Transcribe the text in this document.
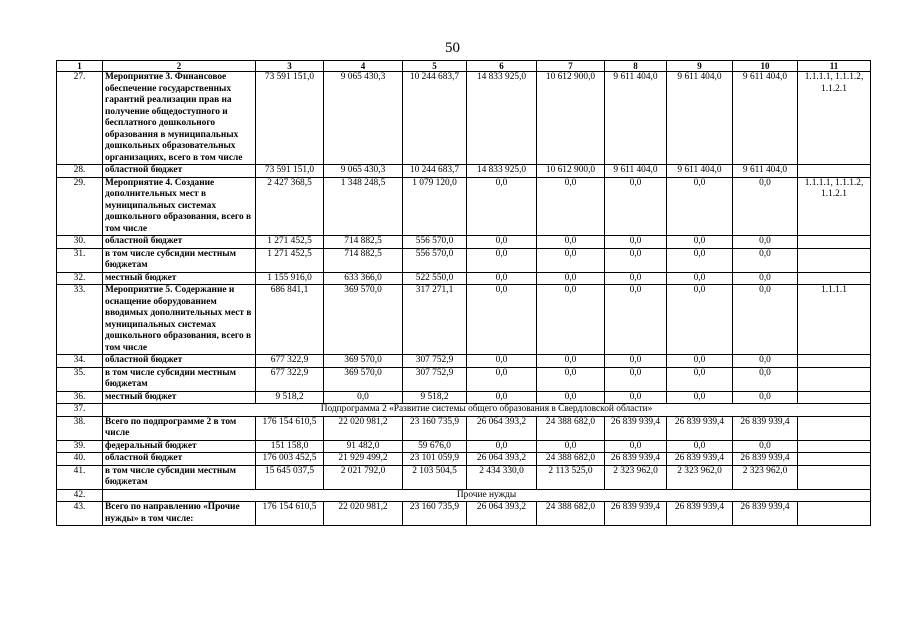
50
1	2	3	4	5	6	7	8	9	10	11
27.	Мероприятие 3. Финансовое обеспечение государственных гарантий реализации прав на получение общедоступного и бесплатного дошкольного образования в муниципальных дошкольных образовательных организациях, всего в том числе	73 591 151,0	9 065 430,3	10 244 683,7	14 833 925,0	10 612 900,0	9 611 404,0	9 611 404,0	9 611 404,0	1.1.1.1, 1.1.1.2, 1.1.2.1
28.	областной бюджет	73 591 151,0	9 065 430,3	10 244 683,7	14 833 925,0	10 612 900,0	9 611 404,0	9 611 404,0	9 611 404,0	
29.	Мероприятие 4. Создание дополнительных мест в муниципальных системах дошкольного образования, всего в том числе	2 427 368,5	1 348 248,5	1 079 120,0	0,0	0,0	0,0	0,0	0,0	1.1.1.1, 1.1.1.2, 1.1.2.1
30.	областной бюджет	1 271 452,5	714 882,5	556 570,0	0,0	0,0	0,0	0,0	0,0	
31.	в том числе субсидии местным бюджетам	1 271 452,5	714 882,5	556 570,0	0,0	0,0	0,0	0,0	0,0	
32.	местный бюджет	1 155 916,0	633 366,0	522 550,0	0,0	0,0	0,0	0,0	0,0	
33.	Мероприятие 5. Содержание и оснащение оборудованием вводимых дополнительных мест в муниципальных системах дошкольного образования, всего в том числе	686 841,1	369 570,0	317 271,1	0,0	0,0	0,0	0,0	0,0	1.1.1.1
34.	областной бюджет	677 322,9	369 570,0	307 752,9	0,0	0,0	0,0	0,0	0,0	
35.	в том числе субсидии местным бюджетам	677 322,9	369 570,0	307 752,9	0,0	0,0	0,0	0,0	0,0	
36.	местный бюджет	9 518,2	0,0	9 518,2	0,0	0,0	0,0	0,0	0,0	
37.	Подпрограмма 2 «Развитие системы общего образования в Свердловской области»									
38.	Всего по подпрограмме 2 в том числе	176 154 610,5	22 020 981,2	23 160 735,9	26 064 393,2	24 388 682,0	26 839 939,4	26 839 939,4	26 839 939,4	
39.	федеральный бюджет	151 158,0	91 482,0	59 676,0	0,0	0,0	0,0	0,0	0,0	
40.	областной бюджет	176 003 452,5	21 929 499,2	23 101 059,9	26 064 393,2	24 388 682,0	26 839 939,4	26 839 939,4	26 839 939,4	
41.	в том числе субсидии местным бюджетам	15 645 037,5	2 021 792,0	2 103 504,5	2 434 330,0	2 113 525,0	2 323 962,0	2 323 962,0	2 323 962,0	
42.	Прочие нужды									
43.	Всего по направлению «Прочие нужды» в том числе:	176 154 610,5	22 020 981,2	23 160 735,9	26 064 393,2	24 388 682,0	26 839 939,4	26 839 939,4	26 839 939,4	
